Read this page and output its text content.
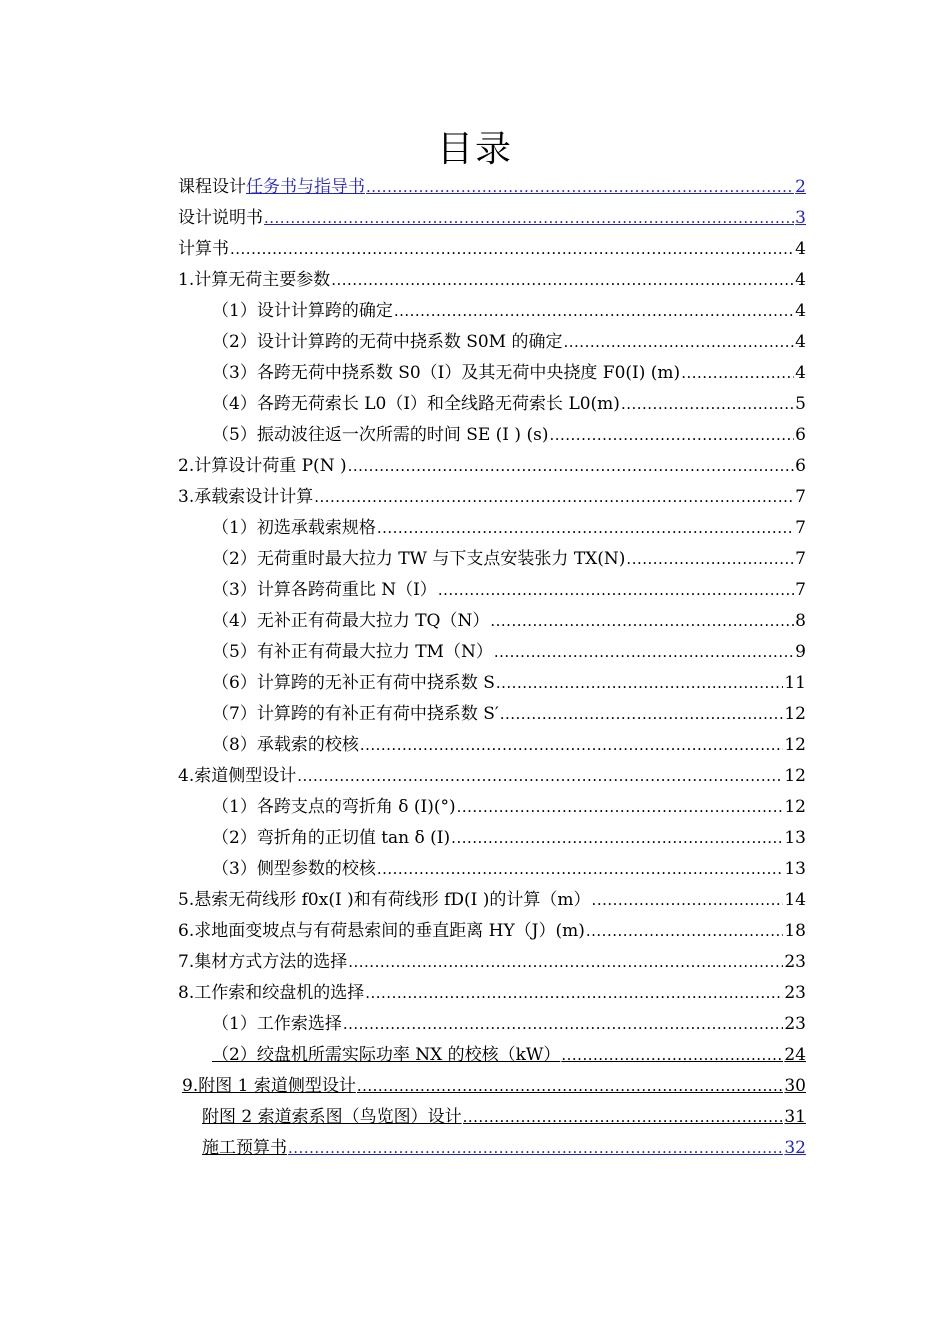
目录
课程设计任务书与指导书 .....	2
设计说明书 .....	3
计算书 .....	4
1.计算无荷主要参数 .....	4
（1）设计计算跨的确定 .....	4
（2）设计计算跨的无荷中挠系数 S0M 的确定 .....	4
（3）各跨无荷中挠系数 S0（I）及其无荷中央挠度 F0(I) (m) .....	4
（4）各跨无荷索长 L0（I）和全线路无荷索长 L0(m) .....	5
（5）振动波往返一次所需的时间 SE (I ) (s) .....	6
2.计算设计荷重 P(N ) .....	6
3.承载索设计计算 .....	7
（1）初选承载索规格 .....	7
（2）无荷重时最大拉力 TW 与下支点安装张力 TX(N) .....	7
（3）计算各跨荷重比 N（I） .....	7
（4）无补正有荷最大拉力 TQ（N） .....	8
（5）有补正有荷最大拉力 TM（N） .....	9
（6）计算跨的无补正有荷中挠系数 S .....	11
（7）计算跨的有补正有荷中挠系数 S′ .....	12
（8）承载索的校核 .....	12
4.索道侧型设计 .....	12
（1）各跨支点的弯折角 δ (I)(°) .....	12
（2）弯折角的正切值 tan δ (I) .....	13
（3）侧型参数的校核 .....	13
5.悬索无荷线形 f0x(I )和有荷线形 fD(I )的计算（m） .....	14
6.求地面变坡点与有荷悬索间的垂直距离 HY（J）(m) .....	18
7.集材方式方法的选择 .....	23
8.工作索和绞盘机的选择 .....	23
（1）工作索选择 .....	23
（2）绞盘机所需实际功率 NX 的校核（kW） .....	24
9.附图 1 索道侧型设计 .....	30
附图 2 索道索系图（鸟览图）设计 .....	31
施工预算书 .....	32
